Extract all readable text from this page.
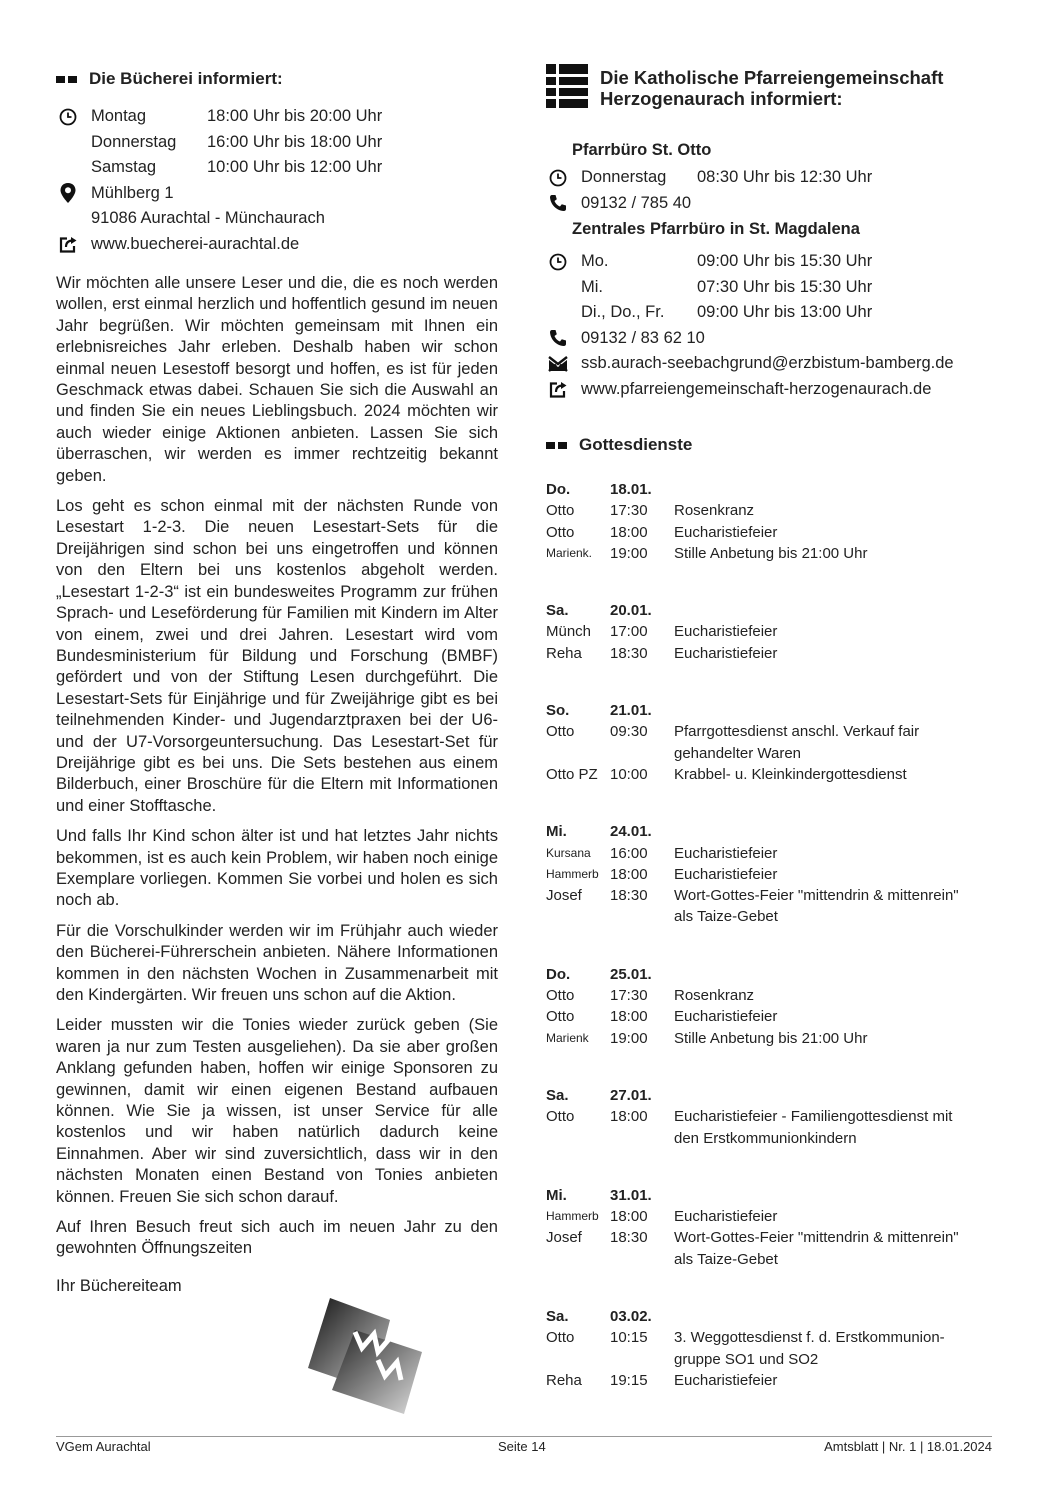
Die Bücherei informiert:
Montag	18:00 Uhr bis 20:00 Uhr
Donnerstag	16:00 Uhr bis 18:00 Uhr
Samstag	10:00 Uhr bis 12:00 Uhr
Mühlberg 1
91086 Aurachtal - Münchaurach
www.buecherei-aurachtal.de

Wir möchten alle unsere Leser und die, die es noch werden wollen, erst einmal herzlich und hoffentlich gesund im neuen Jahr begrüßen. Wir möchten gemeinsam mit Ihnen ein erlebnisreiches Jahr erleben. Deshalb haben wir schon einmal neuen Lesestoff besorgt und hoffen, es ist für jeden Geschmack etwas dabei. Schauen Sie sich die Auswahl an und finden Sie ein neues Lieblingsbuch. 2024 möchten wir auch wieder einige Aktionen anbieten. Lassen Sie sich überraschen, wir werden es immer rechtzeitig bekannt geben.

Los geht es schon einmal mit der nächsten Runde von Lesestart 1-2-3. Die neuen Lesestart-Sets für die Dreijährigen sind schon bei uns eingetroffen und können von den Eltern bei uns kostenlos abgeholt werden. „Lesestart 1-2-3“ ist ein bundesweites Programm zur frühen Sprach- und Leseförderung für Familien mit Kindern im Alter von einem, zwei und drei Jahren. Lesestart wird vom Bundesministerium für Bildung und Forschung (BMBF) gefördert und von der Stiftung Lesen durchgeführt. Die Lesestart-Sets für Einjährige und für Zweijährige gibt es bei teilnehmenden Kinder- und Jugendarztpraxen bei der U6- und der U7-Vorsorgeuntersuchung. Das Lesestart-Set für Dreijährige gibt es bei uns. Die Sets bestehen aus einem Bilderbuch, einer Broschüre für die Eltern mit Informationen und einer Stofftasche.

Und falls Ihr Kind schon älter ist und hat letztes Jahr nichts bekommen, ist es auch kein Problem, wir haben noch einige Exemplare vorliegen. Kommen Sie vorbei und holen es sich noch ab.

Für die Vorschulkinder werden wir im Frühjahr auch wieder den Bücherei-Führerschein anbieten. Nähere Informationen kommen in den nächsten Wochen in Zusammenarbeit mit den Kindergärten. Wir freuen uns schon auf die Aktion.

Leider mussten wir die Tonies wieder zurück geben (Sie waren ja nur zum Testen ausgeliehen). Da sie aber großen Anklang gefunden haben, hoffen wir einige Sponsoren zu gewinnen, damit wir einen eigenen Bestand aufbauen können. Wie Sie ja wissen, ist unser Service für alle kostenlos und wir haben natürlich dadurch keine Einnahmen. Aber wir sind zuversichtlich, dass wir in den nächsten Monaten einen Bestand von Tonies anbieten können. Freuen Sie sich schon darauf.

Auf Ihren Besuch freut sich auch im neuen Jahr zu den gewohnten Öffnungszeiten

Ihr Büchereiteam
Die Katholische Pfarreiengemeinschaft
Herzogenaurach informiert:
Pfarrbüro St. Otto
Donnerstag	08:30 Uhr bis 12:30 Uhr
09132 / 785 40
Zentrales Pfarrbüro in St. Magdalena
Mo.	09:00 Uhr bis 15:30 Uhr
Mi.	07:30 Uhr bis 15:30 Uhr
Di., Do., Fr.	09:00 Uhr bis 13:00 Uhr
09132 / 83 62 10
ssb.aurach-seebachgrund@erzbistum-bamberg.de
www.pfarreiengemeinschaft-herzogenaurach.de
Gottesdienste
Do.	18.01.
Otto	17:30	Rosenkranz
Otto	18:00	Eucharistiefeier
Marienk.	19:00	Stille Anbetung bis 21:00 Uhr
Sa.	20.01.
Münch	17:00	Eucharistiefeier
Reha	18:30	Eucharistiefeier
So.	21.01.
Otto	09:30	Pfarrgottesdienst anschl. Verkauf fair
gehandelter Waren
Otto PZ 10:00	Krabbel- u. Kleinkindergottesdienst
Mi.	24.01.
Kursana	16:00	Eucharistiefeier
Hammerb 18:00	Eucharistiefeier
Josef	18:30	Wort-Gottes-Feier "mittendrin & mittenrein"
als Taize-Gebet
Do.	25.01.
Otto	17:30	Rosenkranz
Otto	18:00	Eucharistiefeier
Marienk	19:00	Stille Anbetung bis 21:00 Uhr
Sa.	27.01.
Otto	18:00	Eucharistiefeier - Familiengottesdienst mit
den Erstkommunionkindern
Mi.	31.01.
Hammerb 18:00	Eucharistiefeier
Josef	18:30	Wort-Gottes-Feier "mittendrin & mittenrein"
als Taize-Gebet
Sa.	03.02.
Otto	10:15	3. Weggottesdienst f. d. Erstkommunion-
gruppe SO1 und SO2
Reha	19:15	Eucharistiefeier
VGem Aurachtal	Seite 14	Amtsblatt | Nr. 1 | 18.01.2024
